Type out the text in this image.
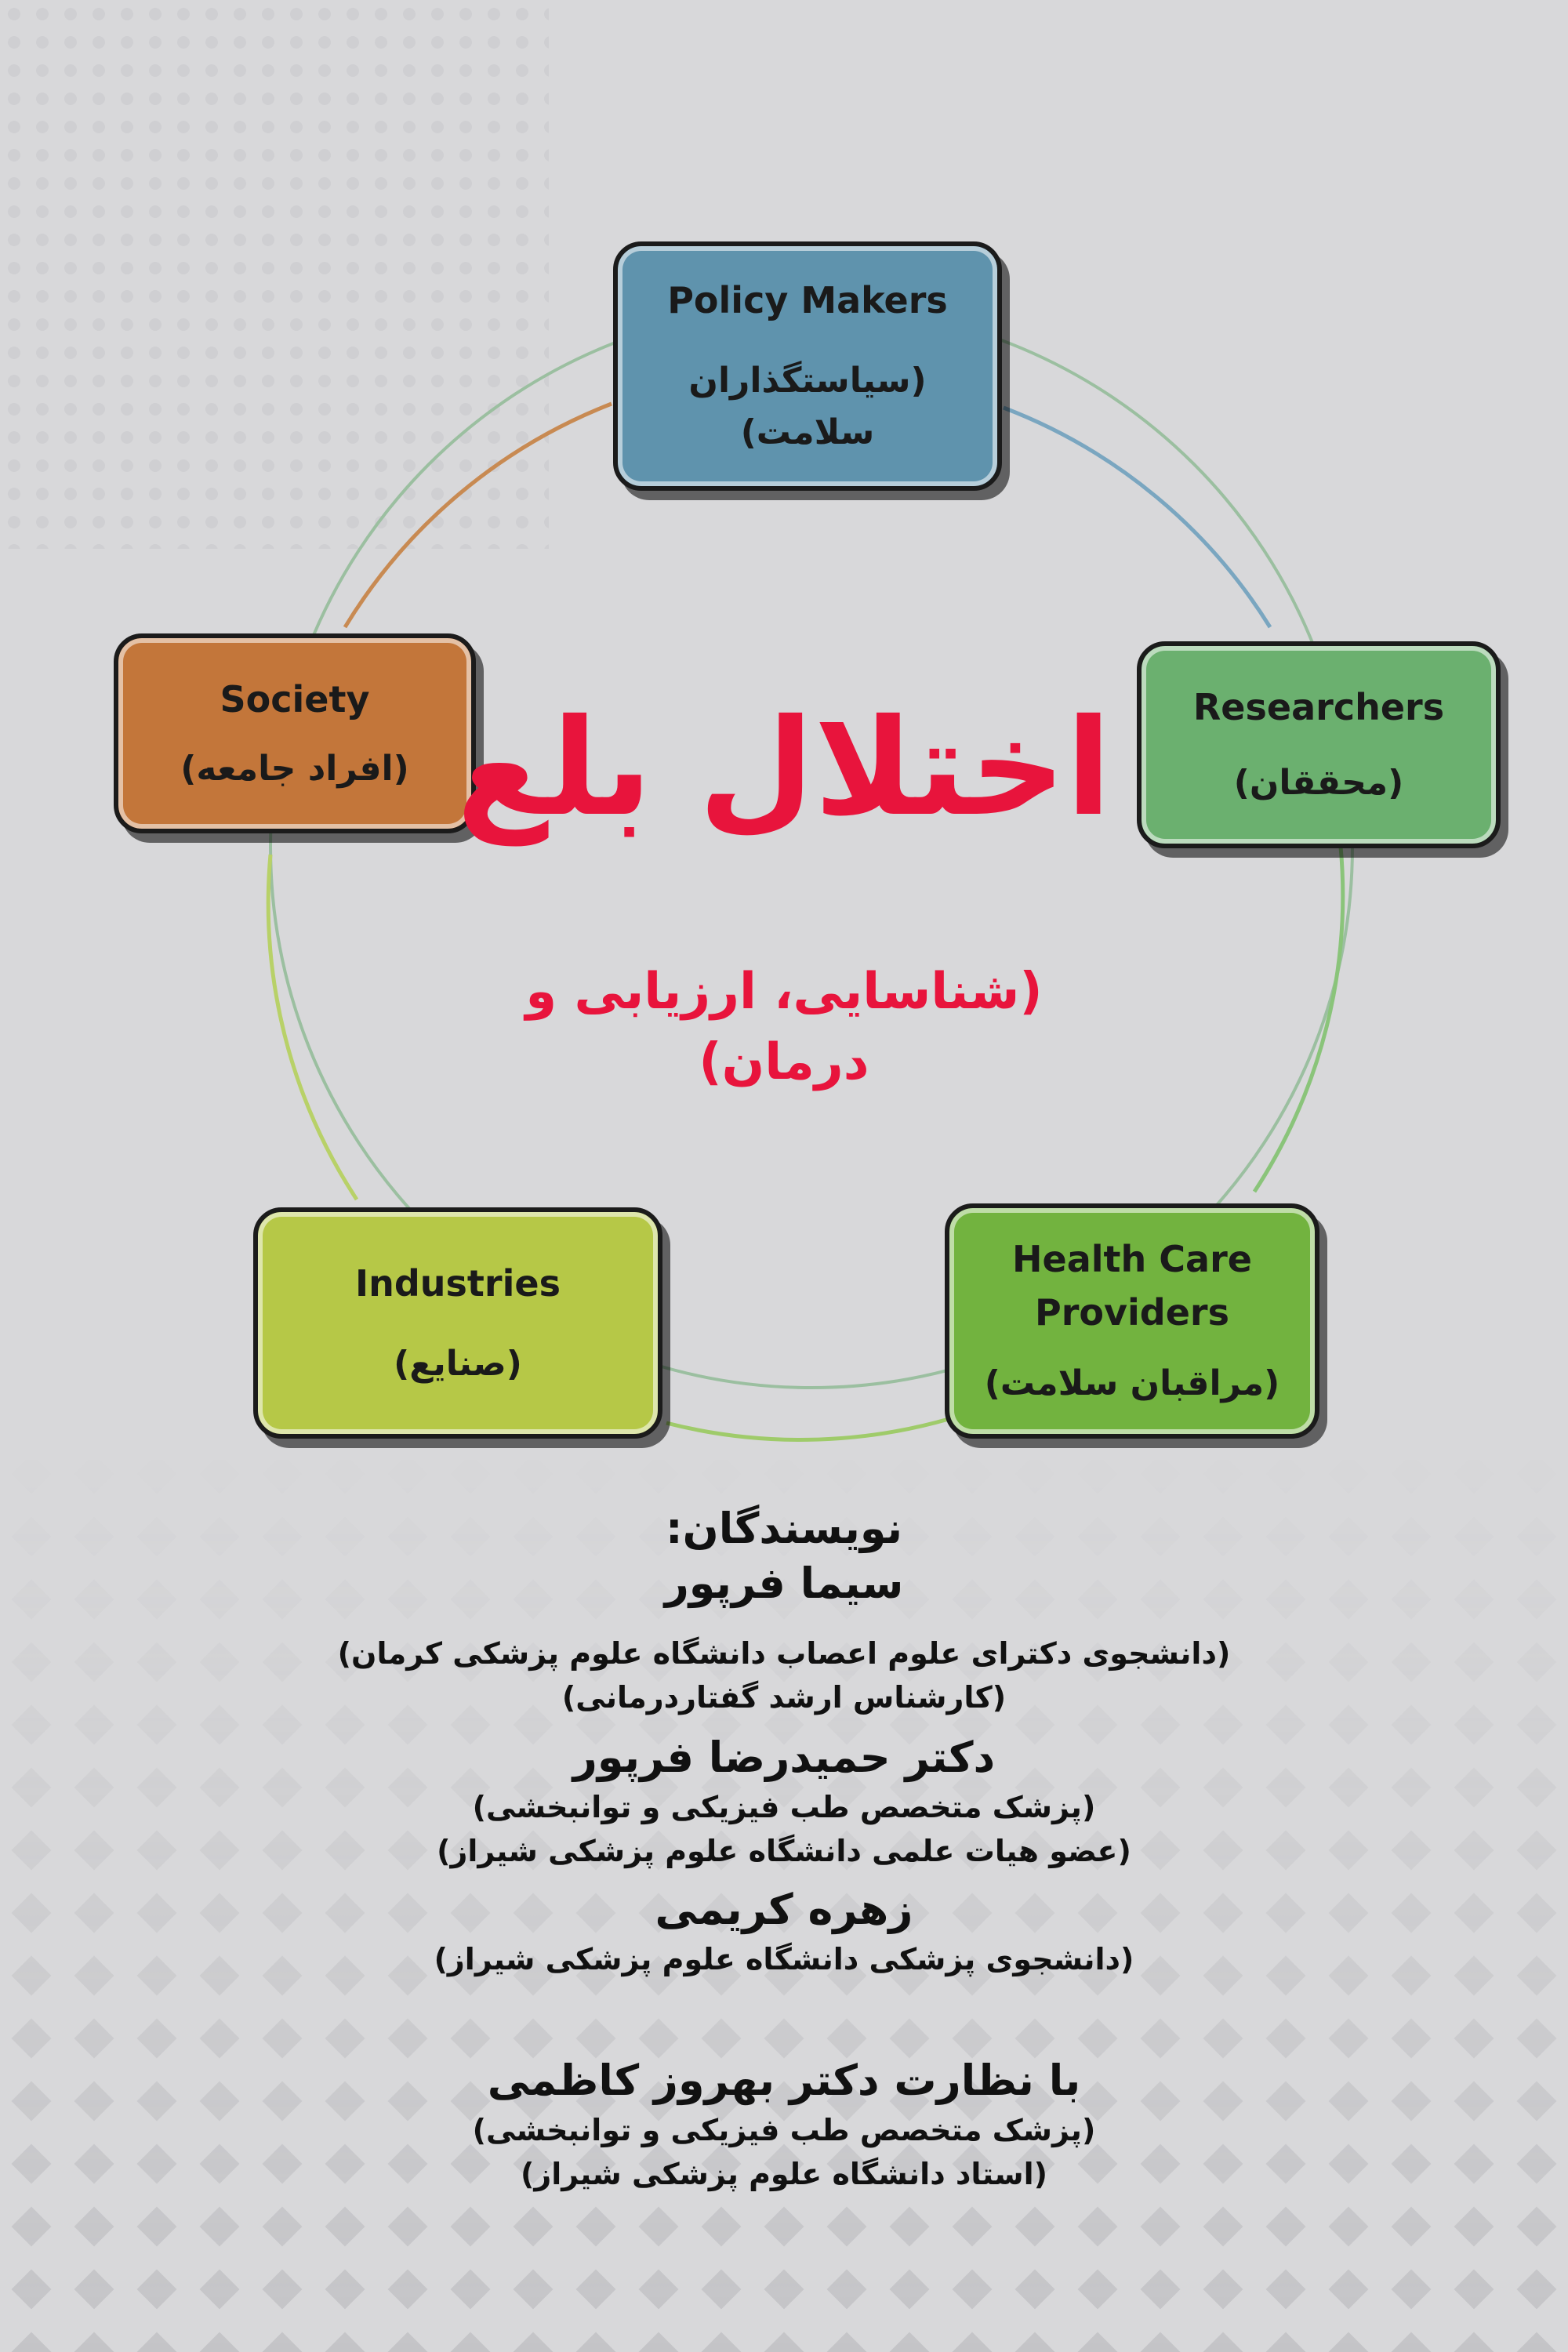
Policy Makers
(سیاستگذاران سلامت)
Researchers
(محققان)
Health Care
Providers
(مراقبان سلامت)
Industries
(صنایع)
Society
(افراد جامعه) اختلال بلع
(شناسایی، ارزیابی و درمان)
نویسندگان:
سیما فرپور
(دانشجوی دکترای علوم اعصاب دانشگاه علوم پزشکی کرمان)
(کارشناس ارشد گفتاردرمانی)
دکتر حمیدرضا فرپور
(پزشک متخصص طب فیزیکی و توانبخشی)
(عضو هیات علمی دانشگاه علوم پزشکی شیراز)
زهره کریمی
(دانشجوی پزشکی دانشگاه علوم پزشکی شیراز)
با نظارت دکتر بهروز کاظمی
(پزشک متخصص طب فیزیکی و توانبخشی)
(استاد دانشگاه علوم پزشکی شیراز)
